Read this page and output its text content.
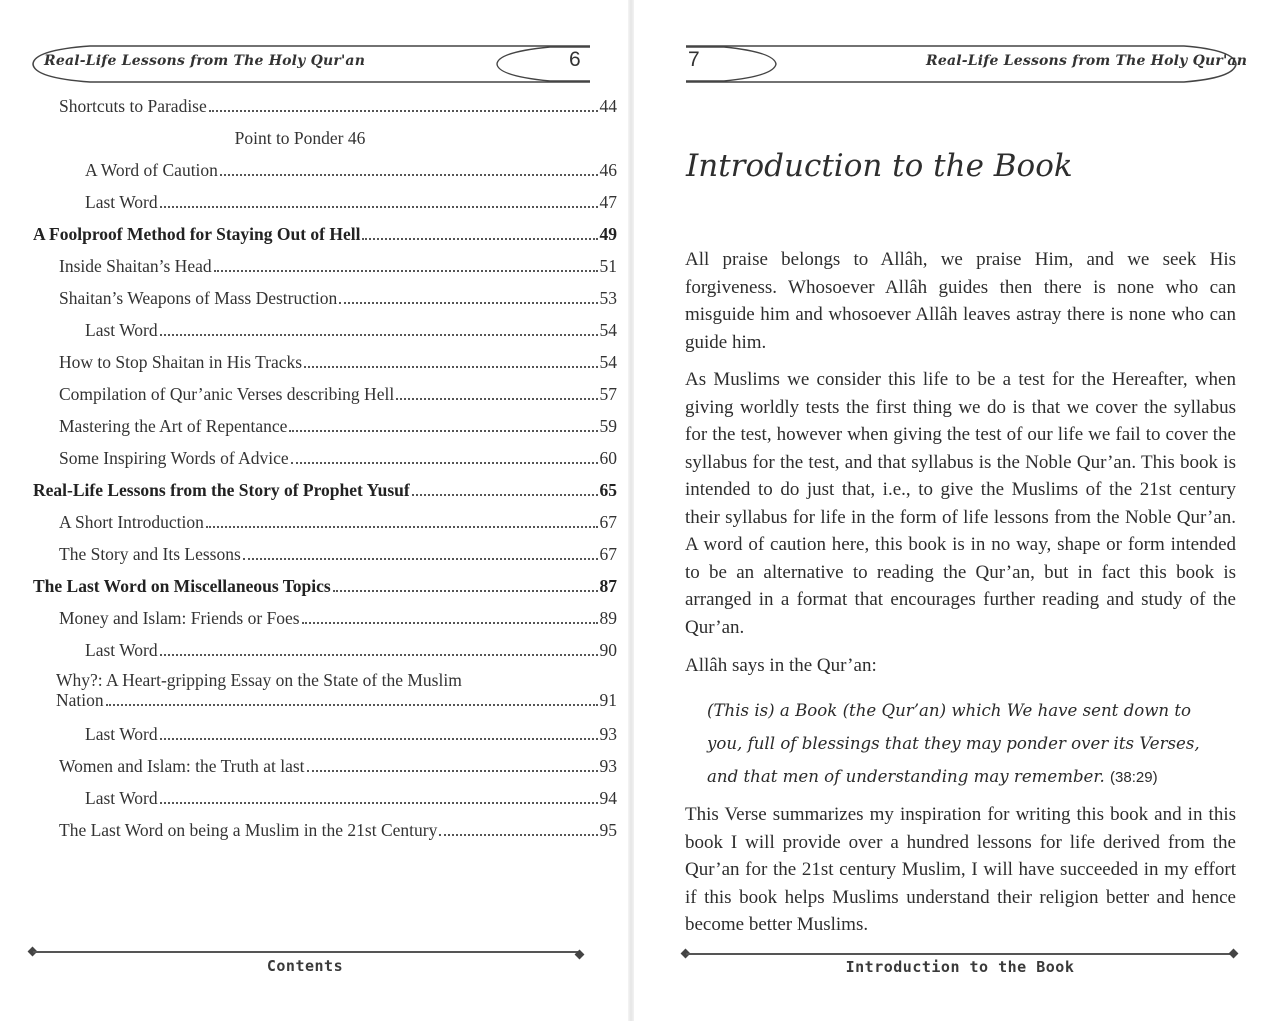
Real-Life Lessons from The Holy Qur'an	6
Shortcuts to Paradise	44
Point to Ponder 46
A Word of Caution	46
Last Word	47
A Foolproof Method for Staying Out of Hell	49
Inside Shaitan’s Head	51
Shaitan’s Weapons of Mass Destruction	53
Last Word	54
How to Stop Shaitan in His Tracks	54
Compilation of Qur’anic Verses describing Hell	57
Mastering the Art of Repentance	59
Some Inspiring Words of Advice	60
Real-Life Lessons from the Story of Prophet Yusuf	65
A Short Introduction	67
The Story and Its Lessons	67
The Last Word on Miscellaneous Topics	87
Money and Islam: Friends or Foes	89
Last Word	90
Why?: A Heart-gripping Essay on the State of the Muslim
Nation	91
Last Word	93
Women and Islam: the Truth at last	93
Last Word	94
The Last Word on being a Muslim in the 21st Century	95
Contents
7	Real-Life Lessons from The Holy Qur'an
Introduction to the Book

All praise belongs to Allâh, we praise Him, and we seek His forgiveness. Whosoever Allâh guides then there is none who can misguide him and whosoever Allâh leaves astray there is none who can guide him.

As Muslims we consider this life to be a test for the Hereafter, when giving worldly tests the first thing we do is that we cover the syllabus for the test, however when giving the test of our life we fail to cover the syllabus for the test, and that syllabus is the Noble Qur’an. This book is intended to do just that, i.e., to give the Muslims of the 21st century their syllabus for life in the form of life lessons from the Noble Qur’an. A word of caution here, this book is in no way, shape or form intended to be an alternative to reading the Qur’an, but in fact this book is arranged in a format that encourages further reading and study of the Qur’an.

Allâh says in the Qur’an:

(This is) a Book (the Qur’an) which We have sent down to you, full of blessings that they may ponder over its Verses, and that men of understanding may remember. (38:29)

This Verse summarizes my inspiration for writing this book and in this book I will provide over a hundred lessons for life derived from the Qur’an for the 21st century Muslim, I will have succeeded in my effort if this book helps Muslims understand their religion better and hence become better Muslims.

Introduction to the Book
